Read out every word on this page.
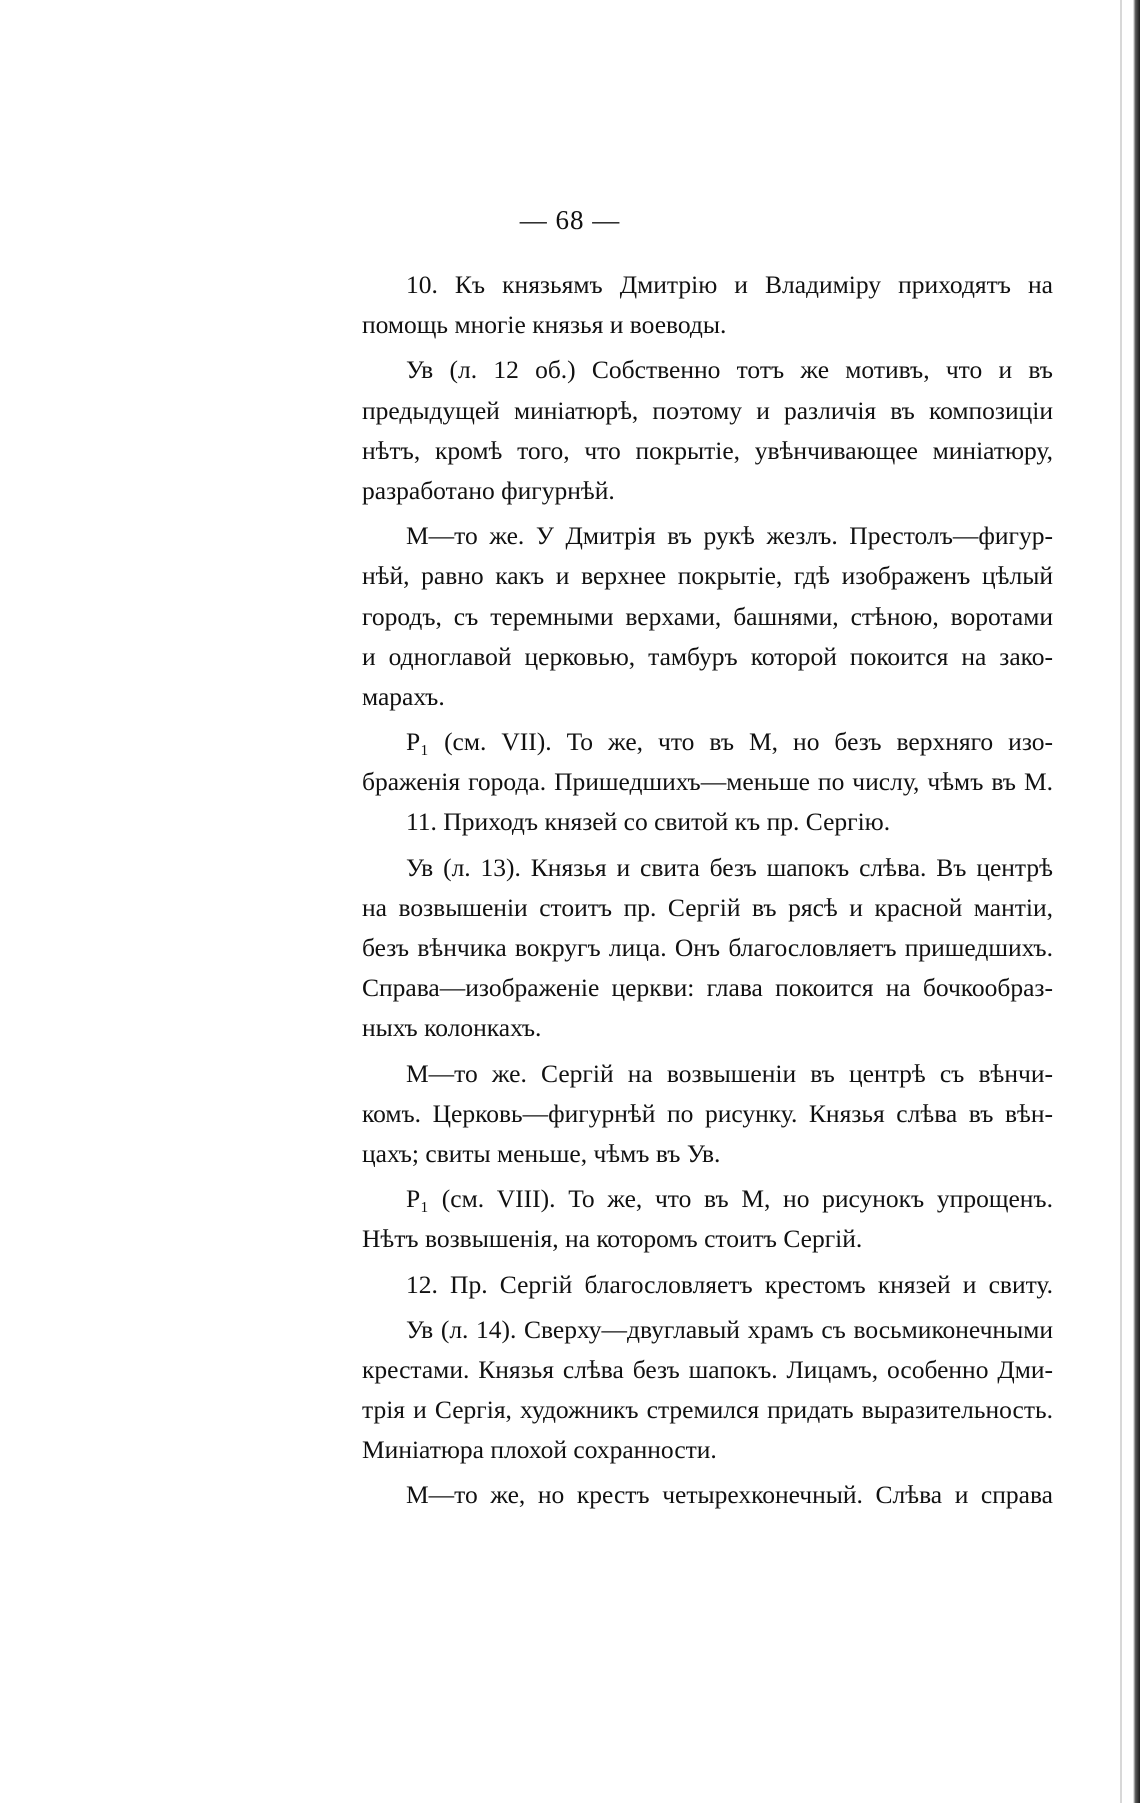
— 68 —
10. Къ князьямъ Дмитрію и Владиміру приходятъ на
помощь многіе князья и воеводы.
Ув (л. 12 об.) Собственно тотъ же мотивъ, что и въ
предыдущей миніатюрѣ, поэтому и различія въ композиціи
нѣтъ, кромѣ того, что покрытіе, увѣнчивающее миніатюру,
разработано фигурнѣй.
М—то же. У Дмитрія въ рукѣ жезлъ. Престолъ—фигур-
нѣй, равно какъ и верхнее покрытіе, гдѣ изображенъ цѣлый
городъ, съ теремными верхами, башнями, стѣною, воротами
и одноглавой церковью, тамбуръ которой покоится на зако-
марахъ.
P₁ (см. VII). То же, что въ М, но безъ верхняго изо-
браженія города. Пришедшихъ—меньше по числу, чѣмъ въ М.
11. Приходъ князей со свитой къ пр. Сергію.
Ув (л. 13). Князья и свита безъ шапокъ слѣва. Въ центрѣ
на возвышеніи стоитъ пр. Сергій въ рясѣ и красной мантіи,
безъ вѣнчика вокругъ лица. Онъ благословляетъ пришедшихъ.
Справа—изображеніе церкви: глава покоится на бочкообраз-
ныхъ колонкахъ.
М—то же. Сергій на возвышеніи въ центрѣ съ вѣнчи-
комъ. Церковь—фигурнѣй по рисунку. Князья слѣва въ вѣн-
цахъ; свиты меньше, чѣмъ въ Ув.
P₁ (см. VIII). То же, что въ М, но рисунокъ упрощенъ.
Нѣтъ возвышенія, на которомъ стоитъ Сергій.
12. Пр. Сергій благословляетъ крестомъ князей и свиту.
Ув (л. 14). Сверху—двуглавый храмъ съ восьмиконечными
крестами. Князья слѣва безъ шапокъ. Лицамъ, особенно Дми-
трія и Сергія, художникъ стремился придать выразительность.
Миніатюра плохой сохранности.
М—то же, но крестъ четырехконечный. Слѣва и справа
